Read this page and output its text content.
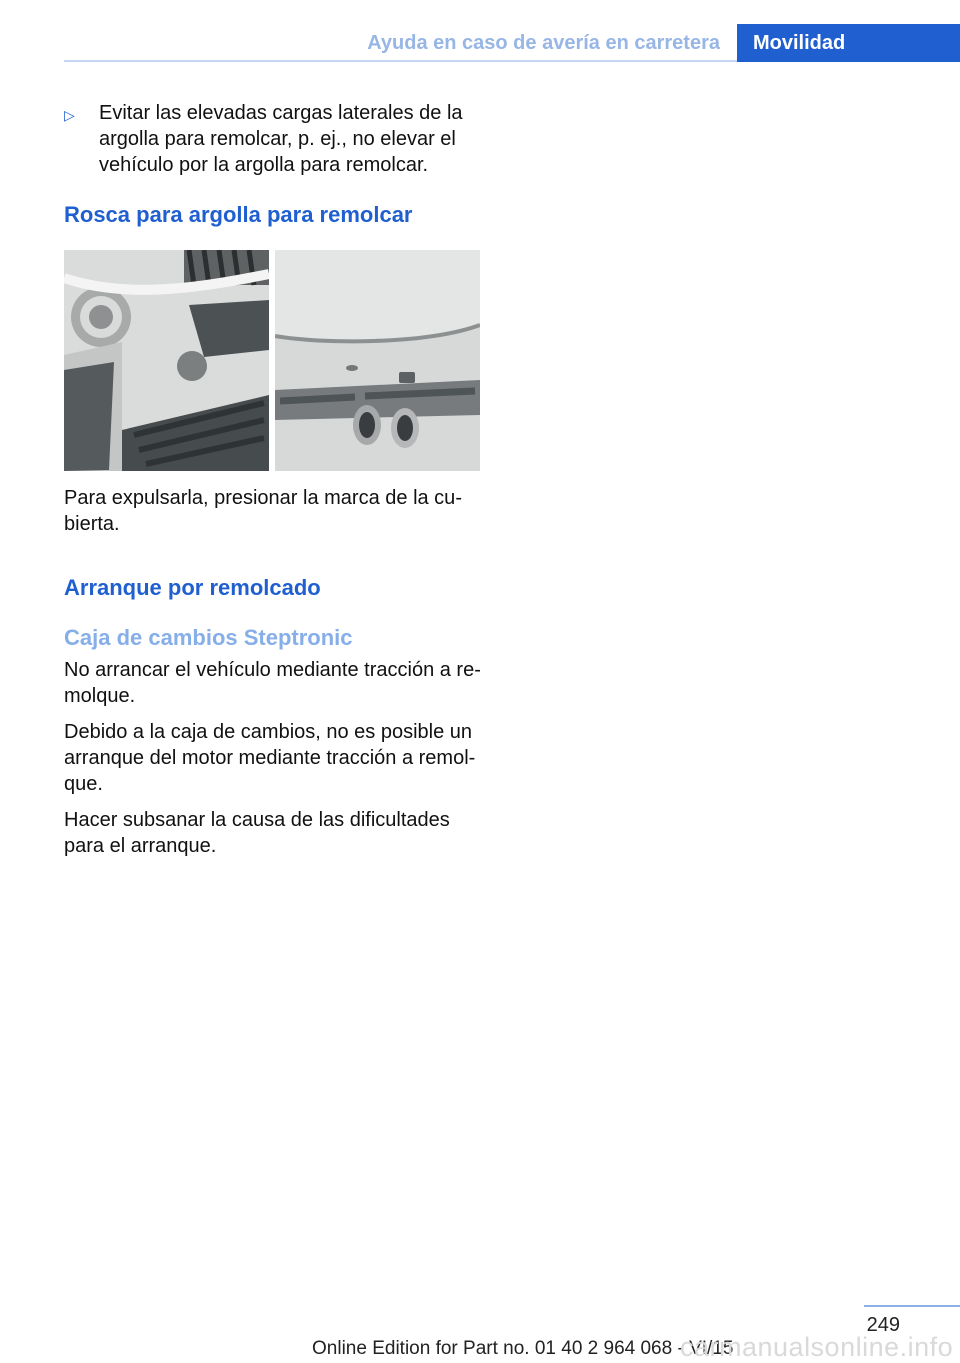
Ayuda en caso de avería en carretera	Movilidad
▷	Evitar las elevadas cargas laterales de la argolla para remolcar, p. ej., no elevar el vehículo por la argolla para remolcar.
Rosca para argolla para remolcar

Para expulsarla, presionar la marca de la cubierta.

Arranque por remolcado
Caja de cambios Steptronic

No arrancar el vehículo mediante tracción a remolque.

Debido a la caja de cambios, no es posible un arranque del motor mediante tracción a remolque.

Hacer subsanar la causa de las dificultades para el arranque.

249
Online Edition for Part no. 01 40 2 964 068 - VI/15
carmanualsonline.info
